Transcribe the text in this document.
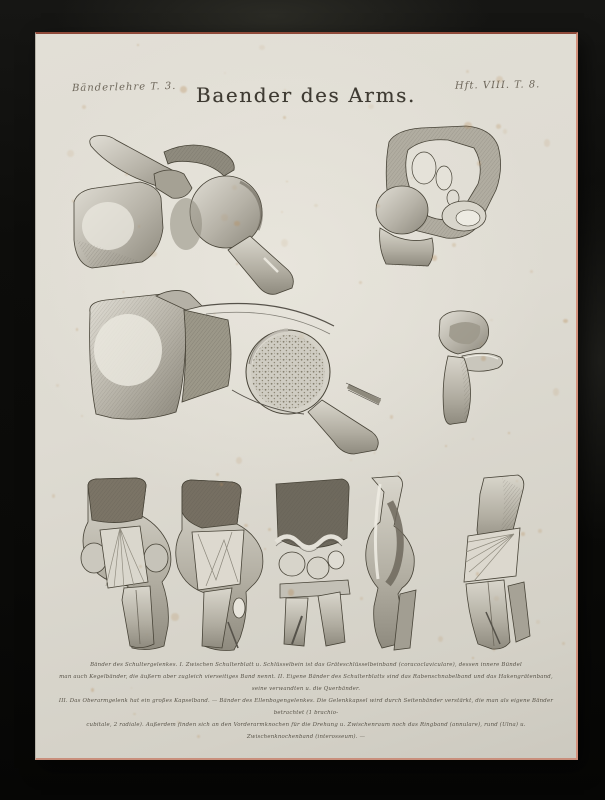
Bänderlehre T. 3.	Hft. VIII. T. 8.
Baender des Arms.
Bänder des Schultergelenkes. I. Zwischen Schulterblatt u. Schlüsselbein ist das Gräteschlüsselbeinband (coracoclaviculare), dessen innere Bündel
man auch Kegelbänder, die äußern aber zugleich vierseitiges Band nennt. II. Eigene Bänder des Schulterblatts sind das Rabenschnabelband und das Hakengrätenband, seine verwandten u. die Querbänder.
III. Das Oberarmgelenk hat ein großes Kapselband. — Bänder des Ellenbogengelenkes. Die Gelenkkapsel wird durch Seitenbänder verstärkt, die man als eigene Bänder betrachtet (1 brachio-
cubitale, 2 radiale). Außerdem finden sich an den Vorderarmknochen für die Drehung u. Zwischenraum noch das Ringband (annulare), rund (Ulna) u. Zwischenknochenband (interosseum). —
